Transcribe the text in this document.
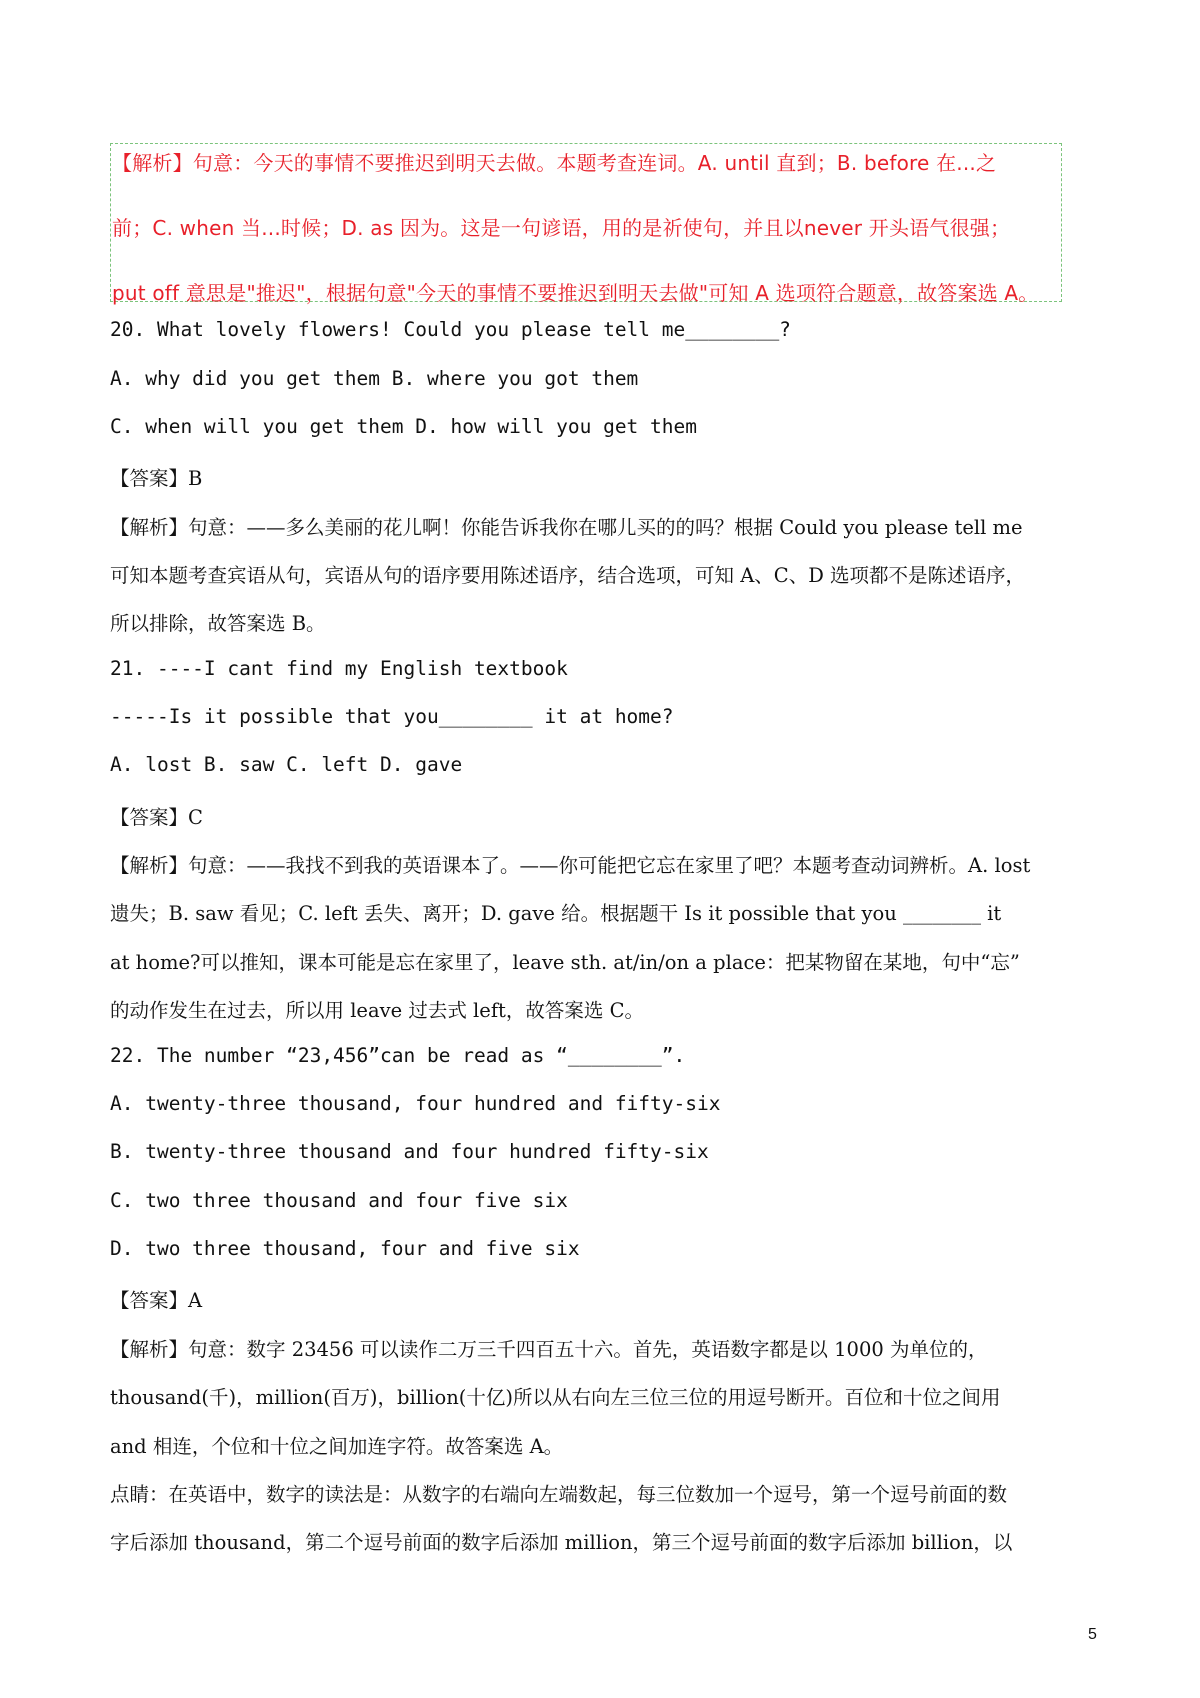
【解析】句意：今天的事情不要推迟到明天去做。本题考查连词。A. until 直到；B. before 在...之
前；C. when 当...时候；D. as 因为。这是一句谚语，用的是祈使句，并且以never 开头语气很强；
put off 意思是"推迟"，根据句意"今天的事情不要推迟到明天去做"可知 A 选项符合题意，故答案选 A。
20. What lovely flowers! Could you please tell me________?
A. why did you get them B. where you got them
C. when will you get them D. how will you get them
【答案】B
【解析】句意：——多么美丽的花儿啊！你能告诉我你在哪儿买的的吗？根据 Could you please tell me
可知本题考查宾语从句，宾语从句的语序要用陈述语序，结合选项，可知 A、C、D 选项都不是陈述语序，
所以排除，故答案选 B。
21. ----I cant find my English textbook
-----Is it possible that you________ it at home?
A. lost B. saw C. left D. gave
【答案】C
【解析】句意：——我找不到我的英语课本了。——你可能把它忘在家里了吧？本题考查动词辨析。A. lost
遗失；B. saw 看见；C. left 丢失、离开；D. gave 给。根据题干 Is it possible that you ________ it
at home?可以推知，课本可能是忘在家里了，leave sth. at/in/on a place：把某物留在某地，句中“忘”
的动作发生在过去，所以用 leave 过去式 left，故答案选 C。
22. The number “23,456”can be read as “________”.
A. twenty-three thousand, four hundred and fifty-six
B. twenty-three thousand and four hundred fifty-six
C. two three thousand and four five six
D. two three thousand, four and five six
【答案】A
【解析】句意：数字 23456 可以读作二万三千四百五十六。首先，英语数字都是以 1000 为单位的，
thousand(千)，million(百万)，billion(十亿)所以从右向左三位三位的用逗号断开。百位和十位之间用
and 相连，个位和十位之间加连字符。故答案选 A。
点睛：在英语中，数字的读法是：从数字的右端向左端数起，每三位数加一个逗号，第一个逗号前面的数
字后添加 thousand，第二个逗号前面的数字后添加 million，第三个逗号前面的数字后添加 billion，以
5
